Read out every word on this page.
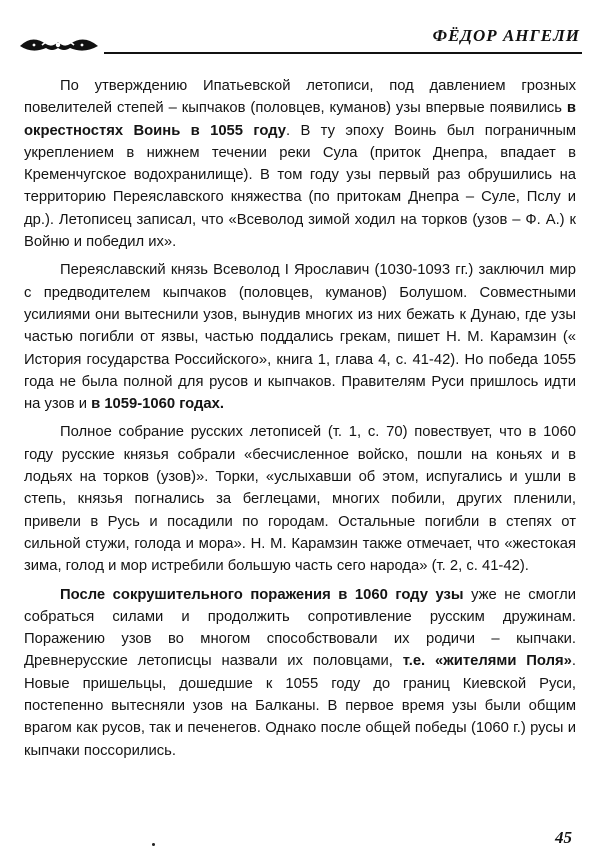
ФЁДОР АНГЕЛИ

По утверждению Ипатьевской летописи, под давлением грозных повелителей степей – кыпчаков (половцев, куманов) узы впервые появились в окрестностях Воинь в 1055 году. В ту эпоху Воинь был пограничным укреплением в нижнем течении реки Сула (приток Днепра, впадает в Кременчугское водохранилище). В том году узы первый раз обрушились на территорию Переяславского княжества (по притокам Днепра – Суле, Пслу и др.). Летописец записал, что «Всеволод зимой ходил на торков (узов – Ф. А.) к Войню и победил их».

Переяславский князь Всеволод I Ярославич (1030-1093 гг.) заключил мир с предводителем кыпчаков (половцев, куманов) Болушом. Совместными усилиями они вытеснили узов, вынудив многих из них бежать к Дунаю, где узы частью погибли от язвы, частью поддались грекам, пишет Н. М. Карамзин (« История государства Российского», книга 1, глава 4, с. 41-42). Но победа 1055 года не была полной для русов и кыпчаков. Правителям Руси пришлось идти на узов и в 1059-1060 годах.

Полное собрание русских летописей (т. 1, с. 70) повествует, что в 1060 году русские князья собрали «бесчисленное войско, пошли на коньях и в лодьях на торков (узов)». Торки, «услыхавши об этом, испугались и ушли в степь, князья погнались за беглецами, многих побили, других пленили, привели в Русь и посадили по городам. Остальные погибли в степях от сильной стужи, голода и мора». Н. М. Карамзин также отмечает, что «жестокая зима, голод и мор истребили большую часть сего народа» (т. 2, с. 41-42).

После сокрушительного поражения в 1060 году узы уже не смогли собраться силами и продолжить сопротивление русским дружинам. Поражению узов во многом способствовали их родичи – кыпчаки. Древнерусские летописцы назвали их половцами, т.е. «жителями Поля». Новые пришельцы, дошедшие к 1055 году до границ Киевской Руси, постепенно вытесняли узов на Балканы. В первое время узы были общим врагом как русов, так и печенегов. Однако после общей победы (1060 г.) русы и кыпчаки поссорились.

45
